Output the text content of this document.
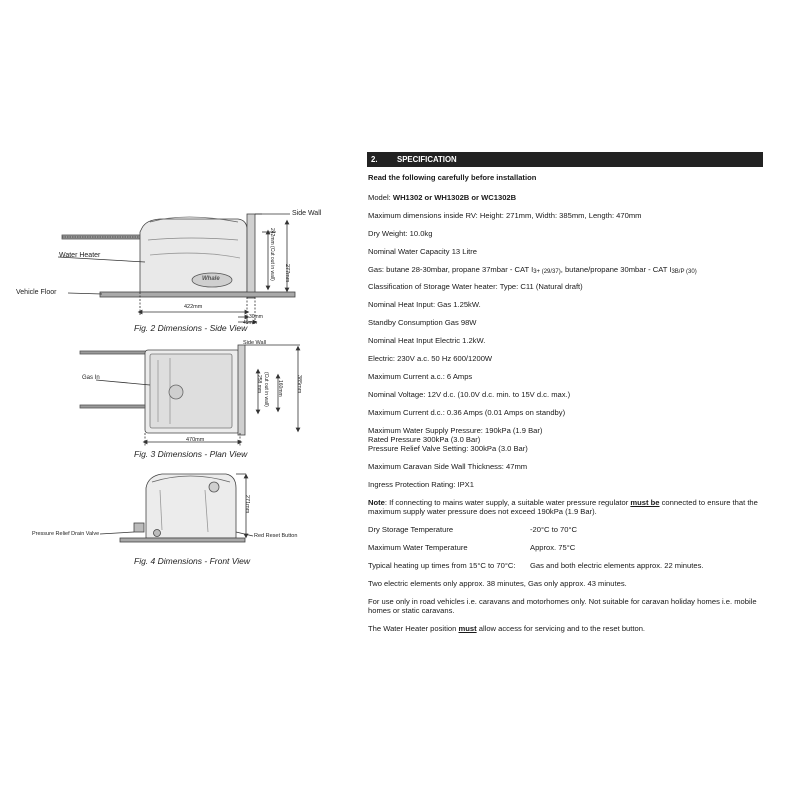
Side Wall
Water Heater
Vehicle Floor
422mm
30mm
49mm
277mm
242mm (Cut out in wall)
Whale
Fig. 2 Dimensions - Side View
Side Wall
Gas In
470mm
385mm
258 mm (Cut out in wall) 160mm
Fig. 3 Dimensions - Plan View
271mm
Pressure Relief Drain Valve	Red Reset Button
Fig. 4 Dimensions - Front View
2. SPECIFICATION
Read the following carefully before installation
Model: WH1302 or WH1302B or WC1302B
Maximum dimensions inside RV: Height: 271mm, Width: 385mm, Length: 470mm
Dry Weight: 10.0kg
Nominal Water Capacity 13 Litre
Gas: butane 28-30mbar, propane 37mbar - CAT $I_{3+ (29/37)}$, butane/propane 30mbar - CAT $I_{3B/P (30)}$
Classification of Storage Water heater: Type: C11 (Natural draft)
Nominal Heat Input: Gas 1.25kW.
Standby Consumption Gas 98W
Nominal Heat Input Electric 1.2kW.
Electric: 230V a.c. 50 Hz 600/1200W
Maximum Current a.c.: 6 Amps
Nominal Voltage: 12V d.c. (10.0V d.c. min. to 15V d.c. max.)
Maximum Current d.c.: 0.36 Amps (0.01 Amps on standby)
Maximum Water Supply Pressure: 190kPa (1.9 Bar)
Rated Pressure 300kPa (3.0 Bar)
Pressure Relief Valve Setting: 300kPa (3.0 Bar)
Maximum Caravan Side Wall Thickness: 47mm
Ingress Protection Rating: IPX1
Note: If connecting to mains water supply, a suitable water pressure regulator must be connected to ensure that the maximum supply water pressure does not exceed 190kPa (1.9 Bar).
Dry Storage Temperature	-20°C to 70°C
Maximum Water Temperature	Approx. 75°C
Typical heating up times from 15°C to 70°C: Gas and both electric elements approx. 22 minutes.
Two electric elements only approx. 38 minutes, Gas only approx. 43 minutes.
For use only in road vehicles i.e. caravans and motorhomes only. Not suitable for caravan holiday homes i.e. mobile homes or static caravans.
The Water Heater position must allow access for servicing and to the reset button.
